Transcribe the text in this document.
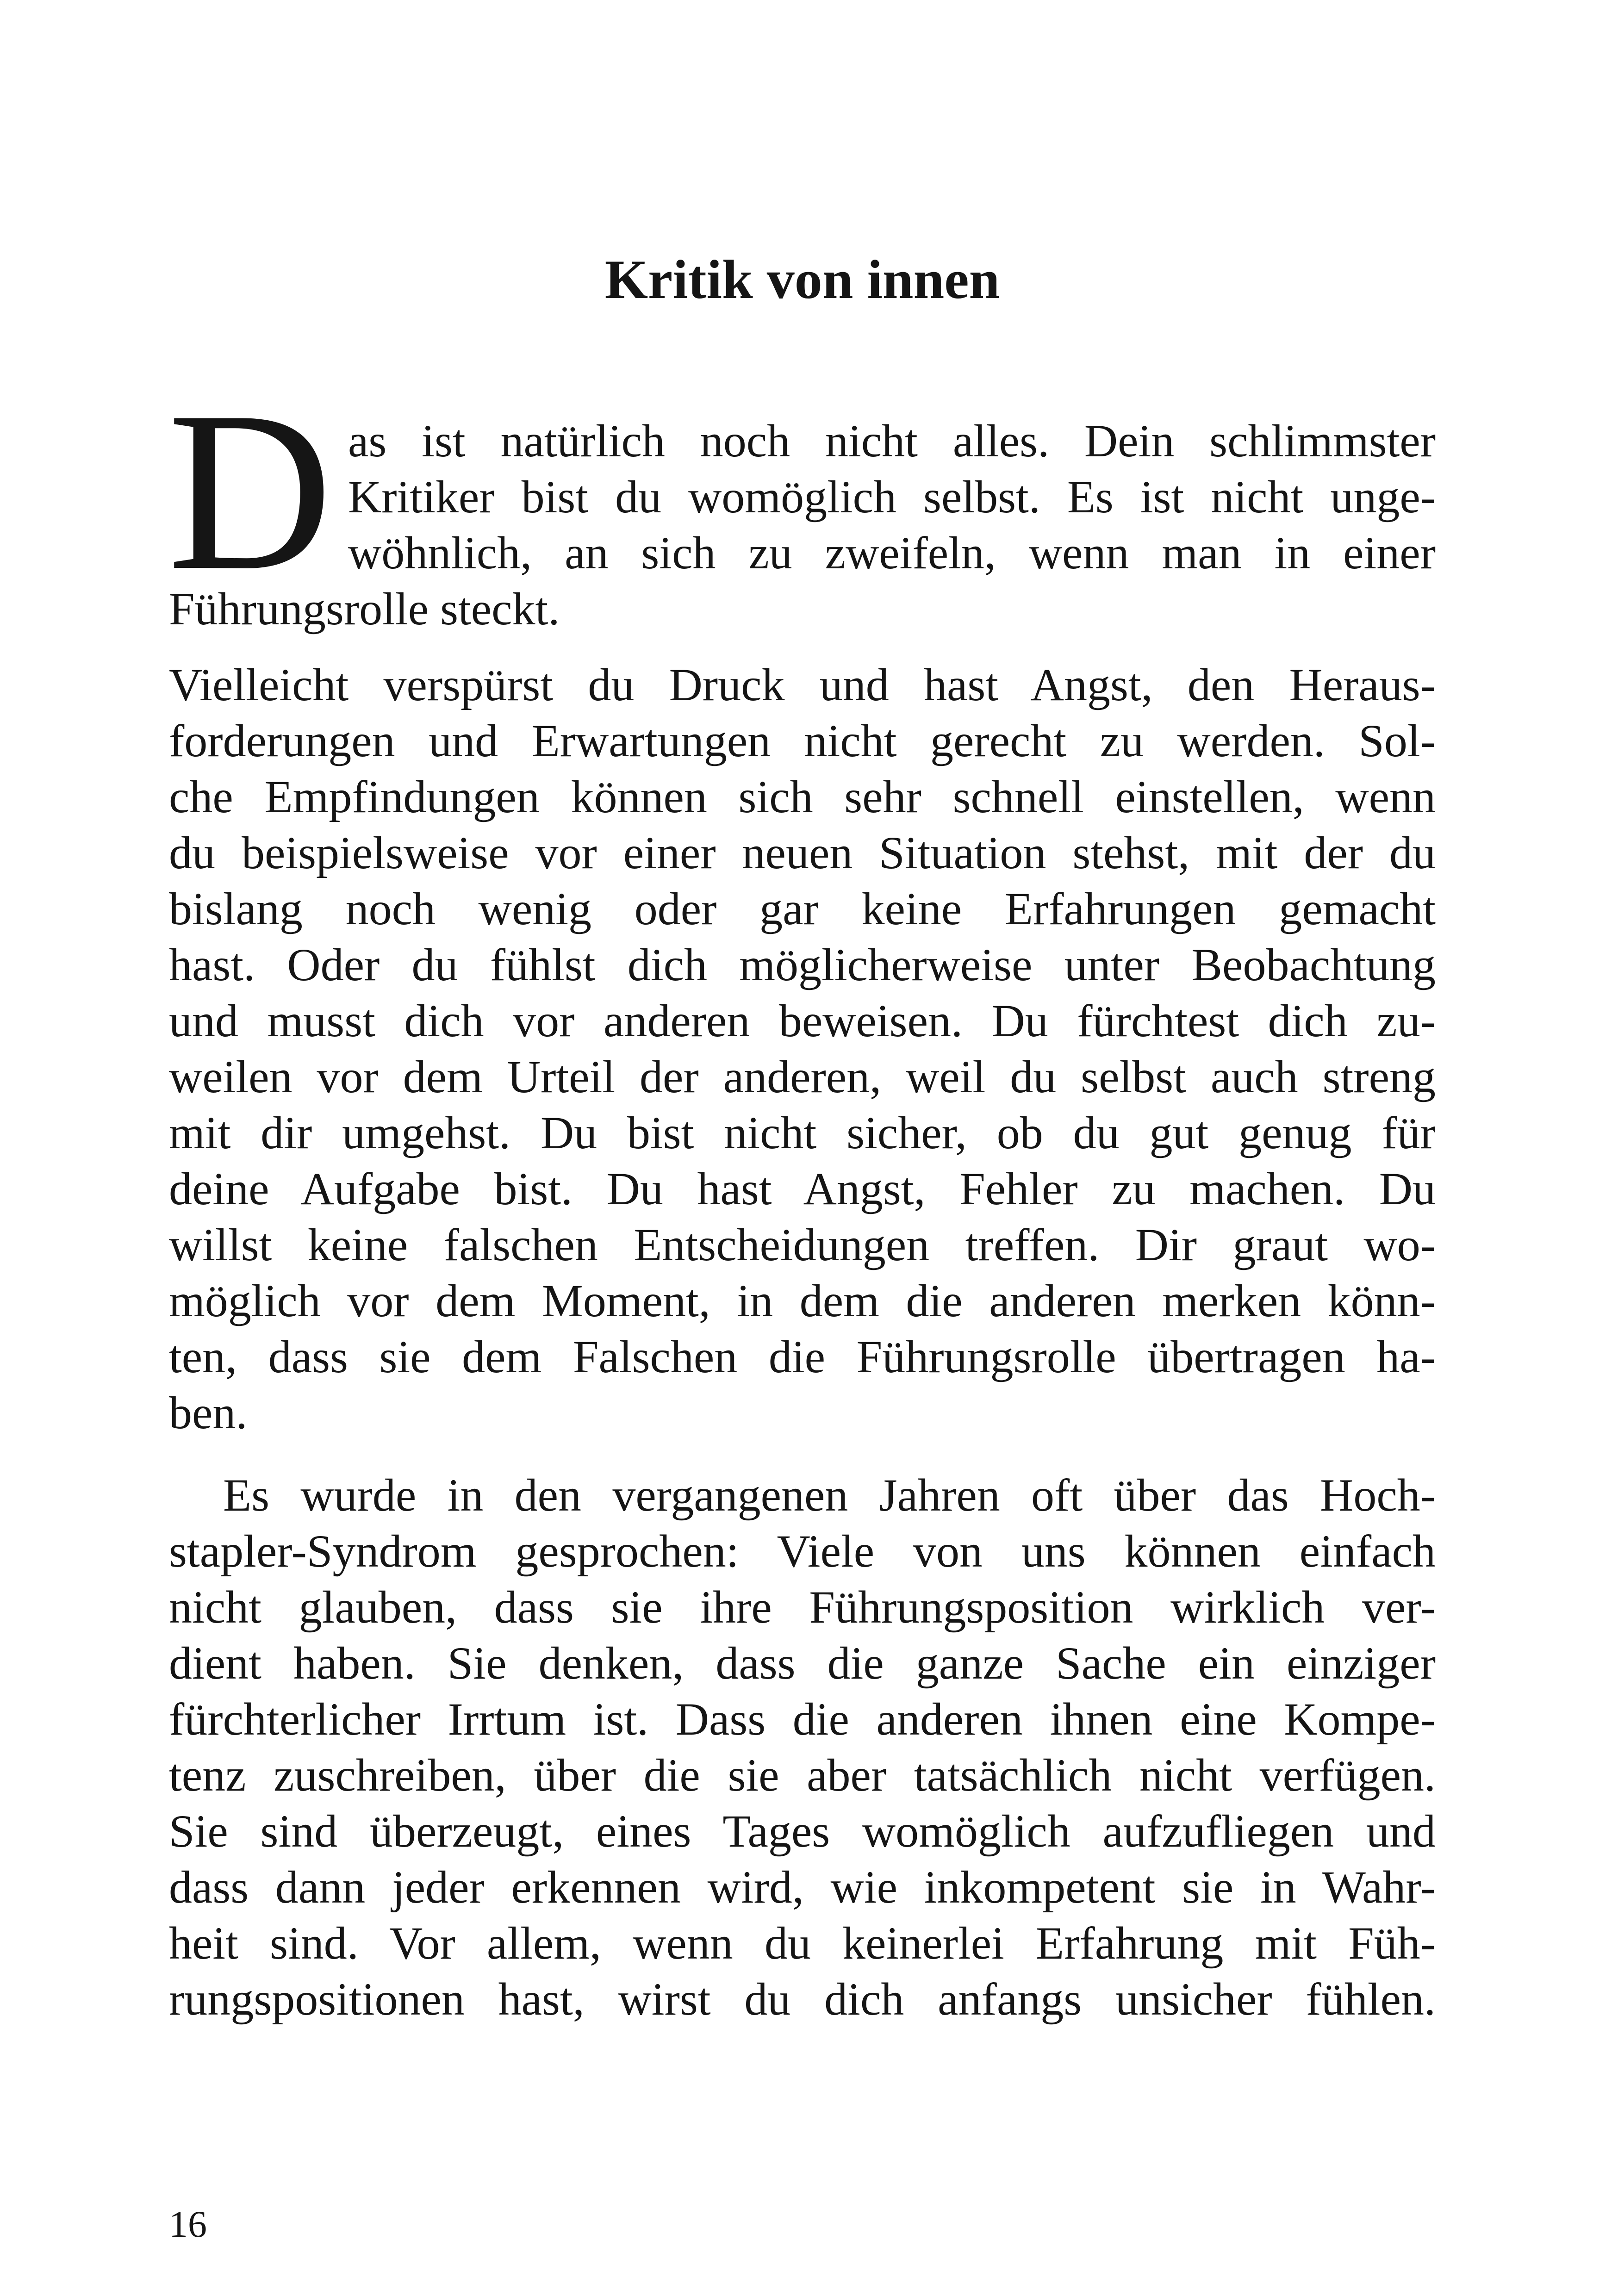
Kritik von innen
D as ist natürlich noch nicht alles. Dein schlimmster
Kritiker bist du womöglich selbst. Es ist nicht unge-
wöhnlich, an sich zu zweifeln, wenn man in einer
Führungsrolle steckt.
Vielleicht verspürst du Druck und hast Angst, den Heraus-
forderungen und Erwartungen nicht gerecht zu werden. Sol-
che Empfindungen können sich sehr schnell einstellen, wenn
du beispielsweise vor einer neuen Situation stehst, mit der du
bislang noch wenig oder gar keine Erfahrungen gemacht
hast. Oder du fühlst dich möglicherweise unter Beobachtung
und musst dich vor anderen beweisen. Du fürchtest dich zu-
weilen vor dem Urteil der anderen, weil du selbst auch streng
mit dir umgehst. Du bist nicht sicher, ob du gut genug für
deine Aufgabe bist. Du hast Angst, Fehler zu machen. Du
willst keine falschen Entscheidungen treffen. Dir graut wo-
möglich vor dem Moment, in dem die anderen merken könn-
ten, dass sie dem Falschen die Führungsrolle übertragen ha-
ben.
Es wurde in den vergangenen Jahren oft über das Hoch-
stapler-Syndrom gesprochen: Viele von uns können einfach
nicht glauben, dass sie ihre Führungsposition wirklich ver-
dient haben. Sie denken, dass die ganze Sache ein einziger
fürchterlicher Irrtum ist. Dass die anderen ihnen eine Kompe-
tenz zuschreiben, über die sie aber tatsächlich nicht verfügen.
Sie sind überzeugt, eines Tages womöglich aufzufliegen und
dass dann jeder erkennen wird, wie inkompetent sie in Wahr-
heit sind. Vor allem, wenn du keinerlei Erfahrung mit Füh-
rungspositionen hast, wirst du dich anfangs unsicher fühlen.
16
